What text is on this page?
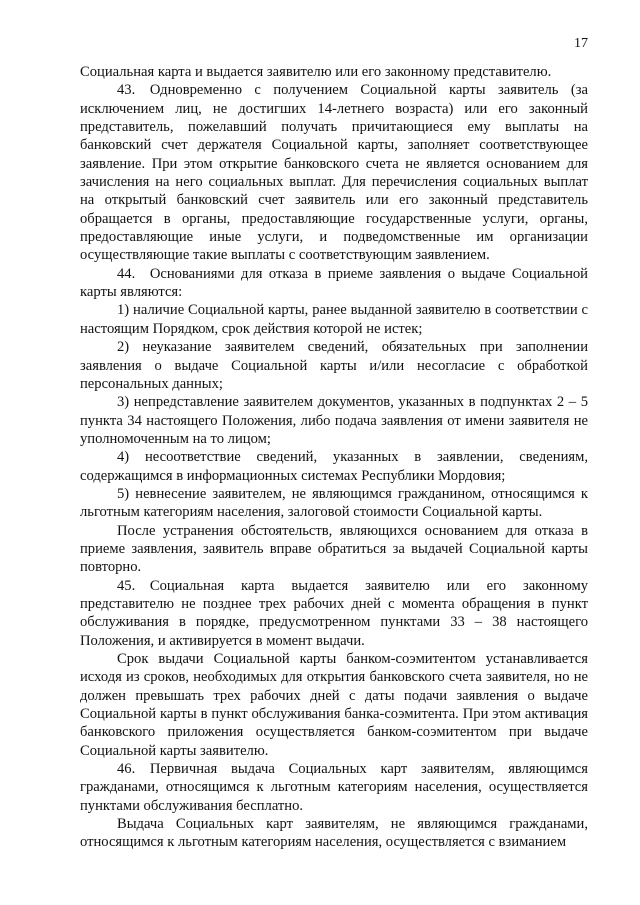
17

Социальная карта и выдается заявителю или его законному представителю.

43. Одновременно с получением Социальной карты заявитель (за исключением лиц, не достигших 14-летнего возраста) или его законный представитель, пожелавший получать причитающиеся ему выплаты на банковский счет держателя Социальной карты, заполняет соответствующее заявление. При этом открытие банковского счета не является основанием для зачисления на него социальных выплат. Для перечисления социальных выплат на открытый банковский счет заявитель или его законный представитель обращается в органы, предоставляющие государственные услуги, органы, предоставляющие иные услуги, и подведомственные им организации осуществляющие такие выплаты с соответствующим заявлением.

44. Основаниями для отказа в приеме заявления о выдаче Социальной карты являются:

1) наличие Социальной карты, ранее выданной заявителю в соответствии с настоящим Порядком, срок действия которой не истек;

2) неуказание заявителем сведений, обязательных при заполнении заявления о выдаче Социальной карты и/или несогласие с обработкой персональных данных;

3) непредставление заявителем документов, указанных в подпунктах 2 – 5 пункта 34 настоящего Положения, либо подача заявления от имени заявителя не уполномоченным на то лицом;

4) несоответствие сведений, указанных в заявлении, сведениям, содержащимся в информационных системах Республики Мордовия;

5) невнесение заявителем, не являющимся гражданином, относящимся к льготным категориям населения, залоговой стоимости Социальной карты.

После устранения обстоятельств, являющихся основанием для отказа в приеме заявления, заявитель вправе обратиться за выдачей Социальной карты повторно.

45. Социальная карта выдается заявителю или его законному представителю не позднее трех рабочих дней с момента обращения в пункт обслуживания в порядке, предусмотренном пунктами 33 – 38 настоящего Положения, и активируется в момент выдачи.

Срок выдачи Социальной карты банком-соэмитентом устанавливается исходя из сроков, необходимых для открытия банковского счета заявителя, но не должен превышать трех рабочих дней с даты подачи заявления о выдаче Социальной карты в пункт обслуживания банка-соэмитента. При этом активация банковского приложения осуществляется банком-соэмитентом при выдаче Социальной карты заявителю.

46. Первичная выдача Социальных карт заявителям, являющимся гражданами, относящимся к льготным категориям населения, осуществляется пунктами обслуживания бесплатно.

Выдача Социальных карт заявителям, не являющимся гражданами, относящимся к льготным категориям населения, осуществляется с взиманием
